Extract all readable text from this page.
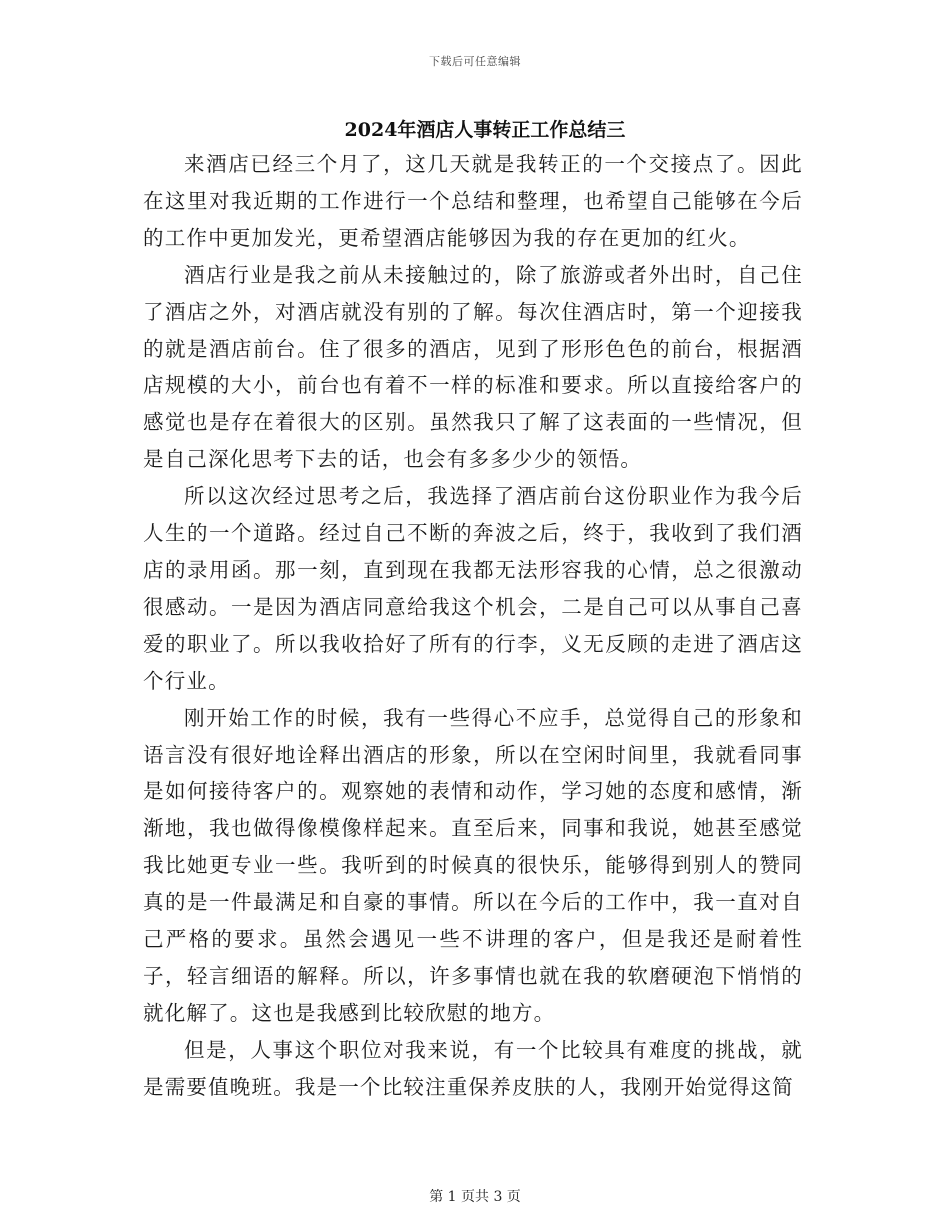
下载后可任意编辑
2024年酒店人事转正工作总结三

来酒店已经三个月了，这几天就是我转正的一个交接点了。因此在这里对我近期的工作进行一个总结和整理，也希望自己能够在今后的工作中更加发光，更希望酒店能够因为我的存在更加的红火。

酒店行业是我之前从未接触过的，除了旅游或者外出时，自己住了酒店之外，对酒店就没有别的了解。每次住酒店时，第一个迎接我的就是酒店前台。住了很多的酒店，见到了形形色色的前台，根据酒店规模的大小，前台也有着不一样的标准和要求。所以直接给客户的感觉也是存在着很大的区别。虽然我只了解了这表面的一些情况，但是自己深化思考下去的话，也会有多多少少的领悟。

所以这次经过思考之后，我选择了酒店前台这份职业作为我今后人生的一个道路。经过自己不断的奔波之后，终于，我收到了我们酒店的录用函。那一刻，直到现在我都无法形容我的心情，总之很激动很感动。一是因为酒店同意给我这个机会，二是自己可以从事自己喜爱的职业了。所以我收拾好了所有的行李，义无反顾的走进了酒店这个行业。

刚开始工作的时候，我有一些得心不应手，总觉得自己的形象和语言没有很好地诠释出酒店的形象，所以在空闲时间里，我就看同事是如何接待客户的。观察她的表情和动作，学习她的态度和感情，渐渐地，我也做得像模像样起来。直至后来，同事和我说，她甚至感觉我比她更专业一些。我听到的时候真的很快乐，能够得到别人的赞同真的是一件最满足和自豪的事情。所以在今后的工作中，我一直对自己严格的要求。虽然会遇见一些不讲理的客户，但是我还是耐着性子，轻言细语的解释。所以，许多事情也就在我的软磨硬泡下悄悄的就化解了。这也是我感到比较欣慰的地方。

但是，人事这个职位对我来说，有一个比较具有难度的挑战，就是需要值晚班。我是一个比较注重保养皮肤的人，我刚开始觉得这简

第 1 页共 3 页
